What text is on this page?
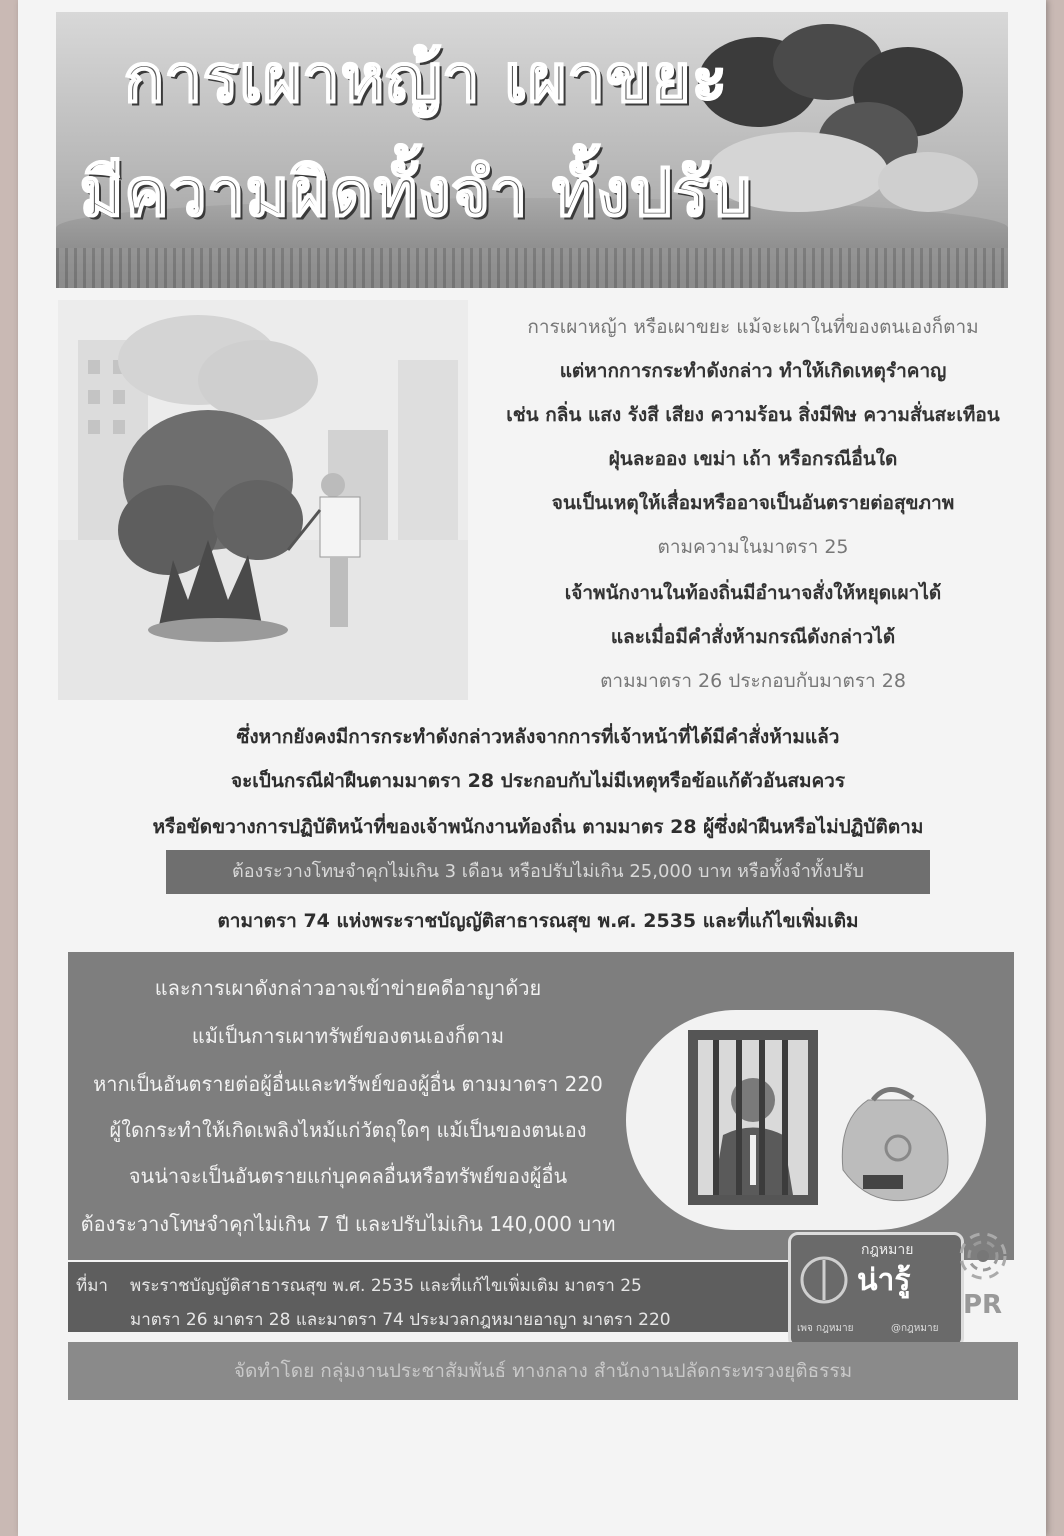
การเผาหญ้า เผาขยะ
มีความผิดทั้งจำ ทั้งปรับ
การเผาหญ้า หรือเผาขยะ แม้จะเผาในที่ของตนเองก็ตาม
แต่หากการกระทำดังกล่าว ทำให้เกิดเหตุรำคาญ
เช่น กลิ่น แสง รังสี เสียง ความร้อน สิ่งมีพิษ ความสั่นสะเทือน
ฝุ่นละออง เขม่า เถ้า หรือกรณีอื่นใด
จนเป็นเหตุให้เสื่อมหรืออาจเป็นอันตรายต่อสุขภาพ
ตามความในมาตรา 25
เจ้าพนักงานในท้องถิ่นมีอำนาจสั่งให้หยุดเผาได้
และเมื่อมีคำสั่งห้ามกรณีดังกล่าวได้
ตามมาตรา 26 ประกอบกับมาตรา 28
ซึ่งหากยังคงมีการกระทำดังกล่าวหลังจากการที่เจ้าหน้าที่ได้มีคำสั่งห้ามแล้ว
จะเป็นกรณีฝ่าฝืนตามมาตรา 28 ประกอบกับไม่มีเหตุหรือข้อแก้ตัวอันสมควร
หรือขัดขวางการปฏิบัติหน้าที่ของเจ้าพนักงานท้องถิ่น ตามมาตร 28 ผู้ซึ่งฝ่าฝืนหรือไม่ปฏิบัติตาม
ต้องระวางโทษจำคุกไม่เกิน 3 เดือน หรือปรับไม่เกิน 25,000 บาท หรือทั้งจำทั้งปรับ
ตามาตรา 74 แห่งพระราชบัญญัติสาธารณสุข พ.ศ. 2535 และที่แก้ไขเพิ่มเติม
และการเผาดังกล่าวอาจเข้าข่ายคดีอาญาด้วย
แม้เป็นการเผาทรัพย์ของตนเองก็ตาม
หากเป็นอันตรายต่อผู้อื่นและทรัพย์ของผู้อื่น ตามมาตรา 220
ผู้ใดกระทำให้เกิดเพลิงไหม้แก่วัตถุใดๆ แม้เป็นของตนเอง
จนน่าจะเป็นอันตรายแก่บุคคลอื่นหรือทรัพย์ของผู้อื่น
ต้องระวางโทษจำคุกไม่เกิน 7 ปี และปรับไม่เกิน 140,000 บาท
ที่มา พระราชบัญญัติสาธารณสุข พ.ศ. 2535 และที่แก้ไขเพิ่มเติม มาตรา 25
มาตรา 26 มาตรา 28 และมาตรา 74 ประมวลกฎหมายอาญา มาตรา 220
กฎหมาย
น่ารู้
เพจ กฎหมาย	@กฎหมาย
PR
จัดทำโดย กลุ่มงานประชาสัมพันธ์ ทางกลาง สำนักงานปลัดกระทรวงยุติธรรม
